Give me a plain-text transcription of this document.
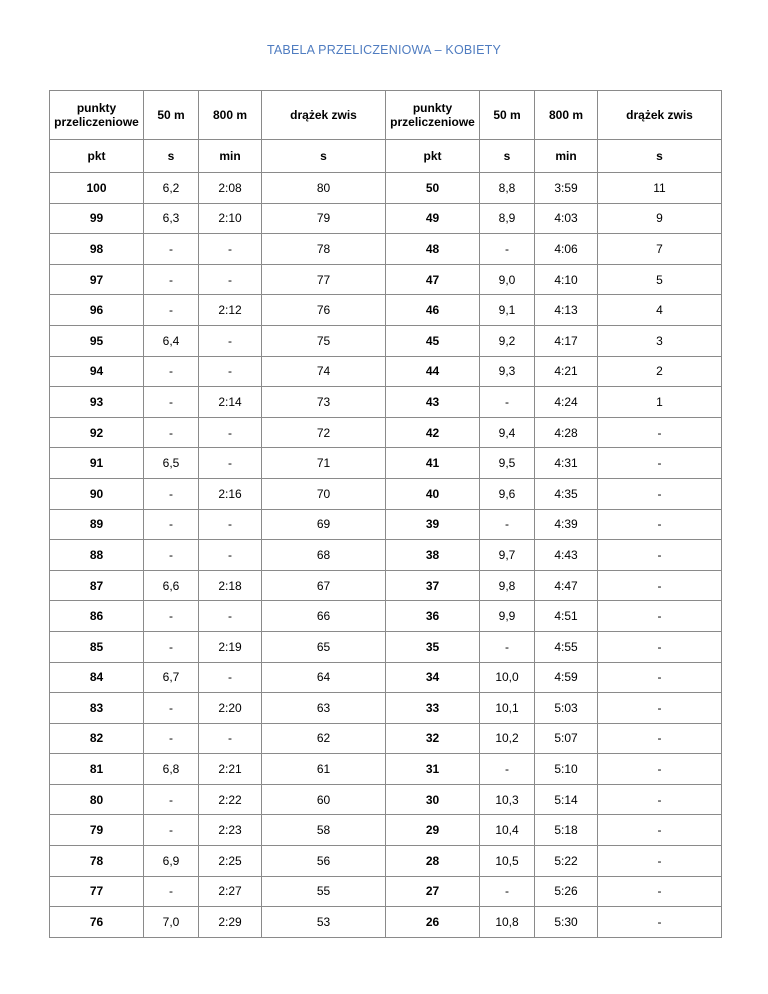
TABELA PRZELICZENIOWA – KOBIETY
punkty przeliczeniowe	50 m	800 m	drążek zwis	punkty przeliczeniowe	50 m	800 m	drążek zwis
pkt	s	min	s	pkt	s	min	s
100	6,2	2:08	80	50	8,8	3:59	11
99	6,3	2:10	79	49	8,9	4:03	9
98	-	-	78	48	-	4:06	7
97	-	-	77	47	9,0	4:10	5
96	-	2:12	76	46	9,1	4:13	4
95	6,4	-	75	45	9,2	4:17	3
94	-	-	74	44	9,3	4:21	2
93	-	2:14	73	43	-	4:24	1
92	-	-	72	42	9,4	4:28	-
91	6,5	-	71	41	9,5	4:31	-
90	-	2:16	70	40	9,6	4:35	-
89	-	-	69	39	-	4:39	-
88	-	-	68	38	9,7	4:43	-
87	6,6	2:18	67	37	9,8	4:47	-
86	-	-	66	36	9,9	4:51	-
85	-	2:19	65	35	-	4:55	-
84	6,7	-	64	34	10,0	4:59	-
83	-	2:20	63	33	10,1	5:03	-
82	-	-	62	32	10,2	5:07	-
81	6,8	2:21	61	31	-	5:10	-
80	-	2:22	60	30	10,3	5:14	-
79	-	2:23	58	29	10,4	5:18	-
78	6,9	2:25	56	28	10,5	5:22	-
77	-	2:27	55	27	-	5:26	-
76	7,0	2:29	53	26	10,8	5:30	-
